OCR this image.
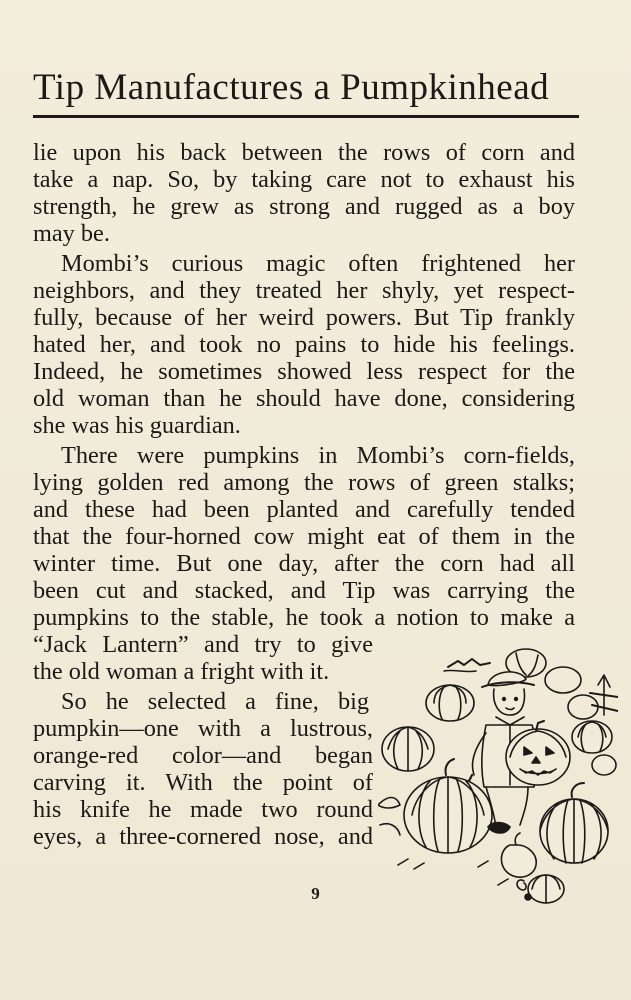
Tip Manufactures a Pumpkinhead
lie upon his back between the rows of corn and
take a nap. So, by taking care not to exhaust his
strength, he grew as strong and rugged as a boy
may be.
Mombi’s curious magic often frightened her
neighbors, and they treated her shyly, yet respect-
fully, because of her weird powers. But Tip frankly
hated her, and took no pains to hide his feelings.
Indeed, he sometimes showed less respect for the
old woman than he should have done, considering
she was his guardian.
There were pumpkins in Mombi’s corn-fields,
lying golden red among the rows of green stalks;
and these had been planted and carefully tended
that the four-horned cow might eat of them in the
winter time. But one day, after the corn had all
been cut and stacked, and Tip was carrying the
pumpkins to the stable, he took a notion to make a
“Jack Lantern” and try to give
the old woman a fright with it.
So he selected a fine, big
pumpkin—one with a lustrous,
orange-red color—and began
carving it. With the point of
his knife he made two round
eyes, a three-cornered nose, and
9
